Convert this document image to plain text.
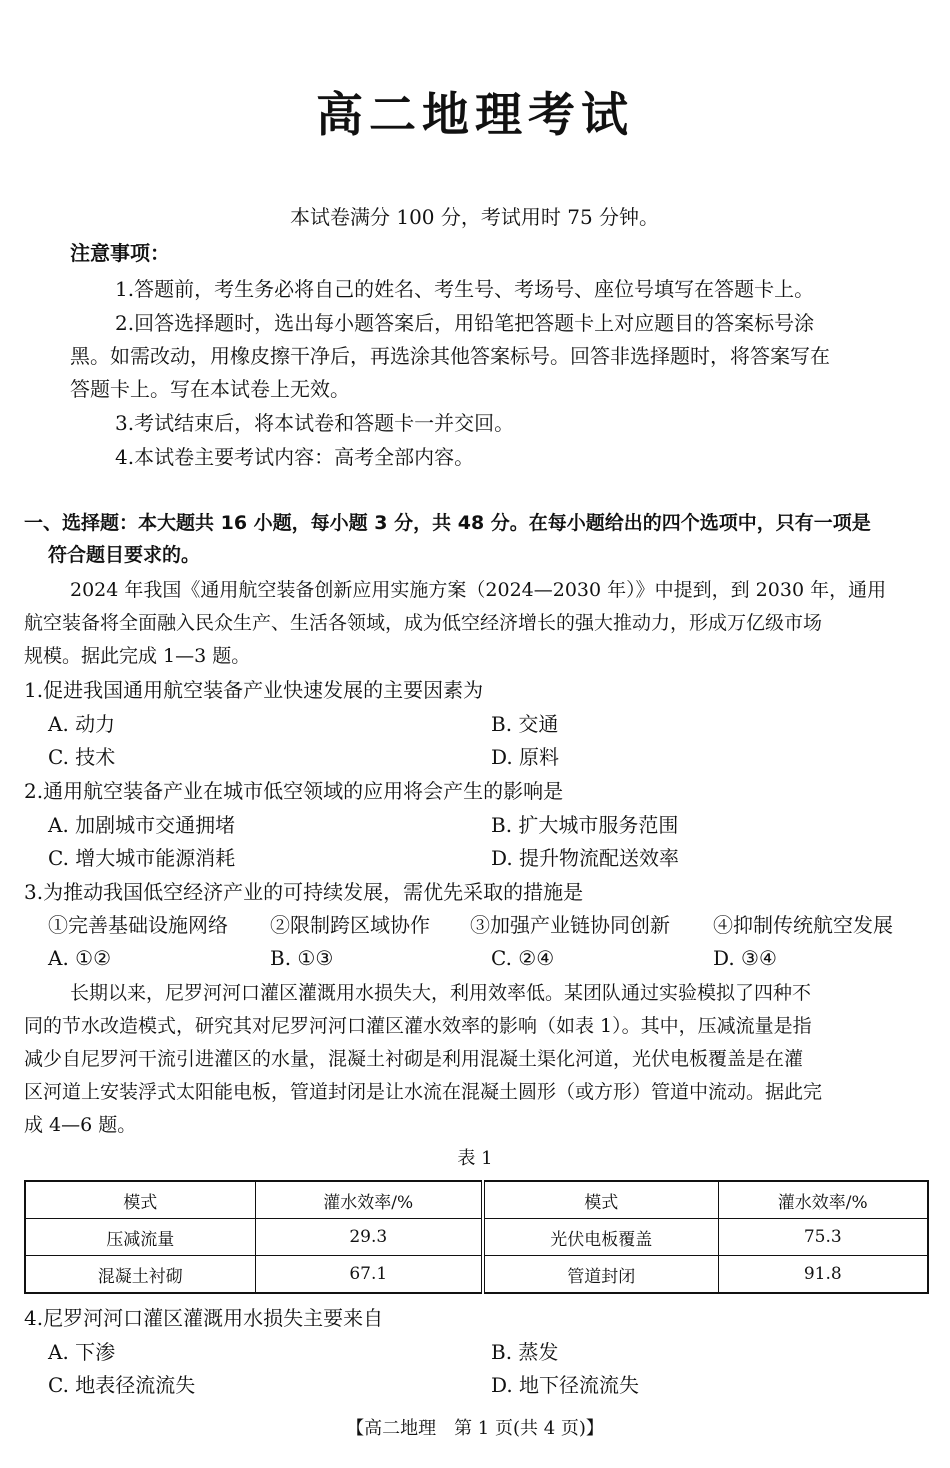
高二地理考试
本试卷满分 100 分，考试用时 75 分钟。
注意事项：
1.答题前，考生务必将自己的姓名、考生号、考场号、座位号填写在答题卡上。
2.回答选择题时，选出每小题答案后，用铅笔把答题卡上对应题目的答案标号涂
黑。如需改动，用橡皮擦干净后，再选涂其他答案标号。回答非选择题时，将答案写在
答题卡上。写在本试卷上无效。
3.考试结束后，将本试卷和答题卡一并交回。
4.本试卷主要考试内容：高考全部内容。
一、选择题：本大题共 16 小题，每小题 3 分，共 48 分。在每小题给出的四个选项中，只有一项是
符合题目要求的。
2024 年我国《通用航空装备创新应用实施方案（2024—2030 年）》中提到，到 2030 年，通用
航空装备将全面融入民众生产、生活各领域，成为低空经济增长的强大推动力，形成万亿级市场
规模。据此完成 1—3 题。
1.促进我国通用航空装备产业快速发展的主要因素为
A. 动力	B. 交通
C. 技术	D. 原料
2.通用航空装备产业在城市低空领域的应用将会产生的影响是
A. 加剧城市交通拥堵	B. 扩大城市服务范围
C. 增大城市能源消耗	D. 提升物流配送效率
3.为推动我国低空经济产业的可持续发展，需优先采取的措施是
①完善基础设施网络 ②限制跨区域协作 ③加强产业链协同创新 ④抑制传统航空发展
A. ①②	B. ①③	C. ②④	D. ③④
长期以来，尼罗河河口灌区灌溉用水损失大，利用效率低。某团队通过实验模拟了四种不
同的节水改造模式，研究其对尼罗河河口灌区灌水效率的影响（如表 1）。其中，压减流量是指
减少自尼罗河干流引进灌区的水量，混凝土衬砌是利用混凝土渠化河道，光伏电板覆盖是在灌
区河道上安装浮式太阳能电板，管道封闭是让水流在混凝土圆形（或方形）管道中流动。据此完
成 4—6 题。
表 1
模式	灌水效率/%	模式	灌水效率/%
压减流量	29.3	光伏电板覆盖	75.3
混凝土衬砌	67.1	管道封闭	91.8
4.尼罗河河口灌区灌溉用水损失主要来自
A. 下渗	B. 蒸发
C. 地表径流流失	D. 地下径流流失
【高二地理　第 1 页(共 4 页)】
